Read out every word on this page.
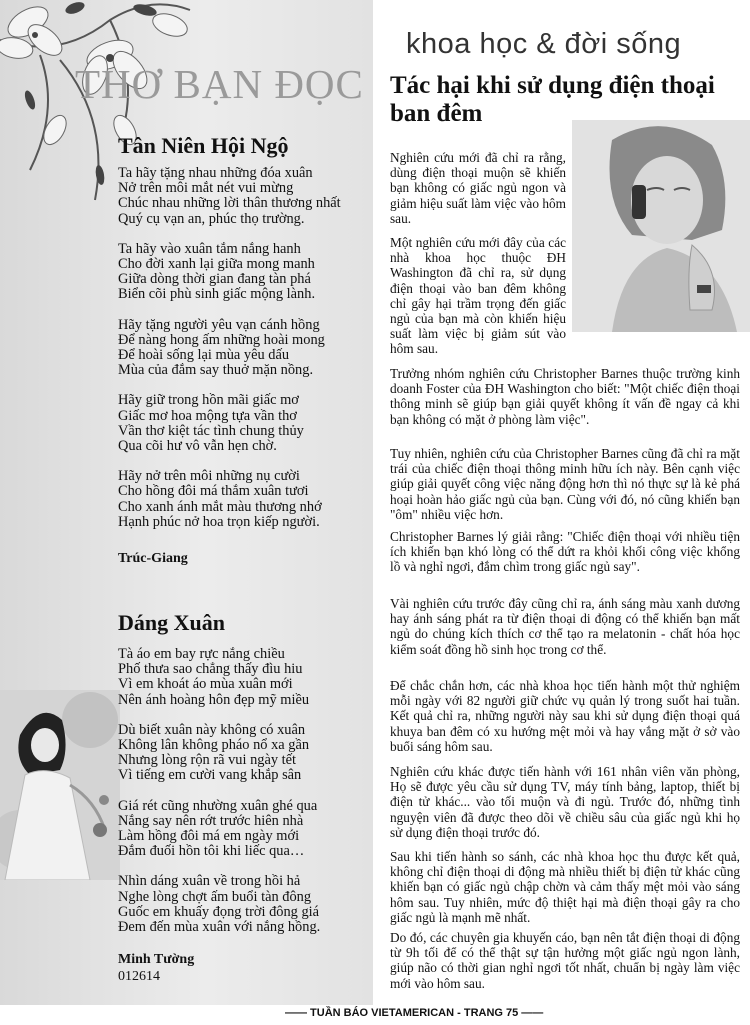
THƠ BẠN ĐỌC
Tân Niên Hội Ngộ
Ta hãy tặng nhau những đóa xuân
Nở trên môi mắt nét vui mừng
Chúc nhau những lời thân thương nhất
Quý cụ vạn an, phúc thọ trường.
Ta hãy vào xuân tắm nắng hanh
Cho đời xanh lại giữa mong manh
Giữa dòng thời gian đang tàn phá
Biển cõi phù sinh giấc mộng lành.
Hãy tặng người yêu vạn cánh hồng
Để nàng hong ấm những hoài mong
Để hoài sống lại mùa yêu dấu
Mùa của đắm say thuở mặn nồng.
Hãy giữ trong hồn mãi giấc mơ
Giấc mơ hoa mộng tựa vần thơ
Vần thơ kiệt tác tình chung thủy
Qua cõi hư vô vẫn hẹn chờ.
Hãy nở trên môi những nụ cười
Cho hồng đôi má thắm xuân tươi
Cho xanh ánh mắt màu thương nhớ
Hạnh phúc nở hoa trọn kiếp người.
Trúc-Giang
Dáng Xuân
Tà áo em bay rực nắng chiều
Phố thưa sao chẳng thấy đìu hiu
Vì em khoát áo mùa xuân mới
Nên ánh hoàng hôn đẹp mỹ miều
Dù biết xuân này không có xuân
Không lân không pháo nổ xa gần
Nhưng lòng rộn rã vui ngày tết
Vì tiếng em cười vang khắp sân
Giá rét cũng nhường xuân ghé qua
Nắng say nên rớt trước hiên nhà
Làm hồng đôi má em ngày mới
Đắm đuối hồn tôi khi liếc qua…
Nhìn dáng xuân về trong hồi hả
Nghe lòng chợt ấm buổi tàn đông
Guốc em khuấy đọng trời đông giá
Đem đến mùa xuân với nắng hồng.
Minh Tường
012614
khoa học & đời sống
Tác hại khi sử dụng điện thoại ban đêm
Nghiên cứu mới đã chỉ ra rằng, dùng điện thoại muộn sẽ khiến bạn không có giấc ngủ ngon và giảm hiệu suất làm việc vào hôm sau.
Một nghiên cứu mới đây của các nhà khoa học thuộc ĐH Washington đã chỉ ra, sử dụng điện thoại vào ban đêm không chỉ gây hại trầm trọng đến giấc ngủ của bạn mà còn khiến hiệu suất làm việc bị giảm sút vào hôm sau.
Trưởng nhóm nghiên cứu Christopher Barnes thuộc trường kinh doanh Foster của ĐH Washington cho biết: "Một chiếc điện thoại thông minh sẽ giúp bạn giải quyết không ít vấn đề ngay cả khi bạn không có mặt ở phòng làm việc".
Tuy nhiên, nghiên cứu của Christopher Barnes cũng đã chỉ ra mặt trái của chiếc điện thoại thông minh hữu ích này. Bên cạnh việc giúp giải quyết công việc năng động hơn thì nó thực sự là kẻ phá hoại hoàn hảo giấc ngủ của bạn. Cùng với đó, nó cũng khiến bạn "ôm" nhiều việc hơn.
Christopher Barnes lý giải rằng: "Chiếc điện thoại với nhiều tiện ích khiến bạn khó lòng có thể dứt ra khỏi khối công việc khổng lồ và nghỉ ngơi, đắm chìm trong giấc ngủ say".
Vài nghiên cứu trước đây cũng chỉ ra, ánh sáng màu xanh dương hay ánh sáng phát ra từ điện thoại di động có thể khiến bạn mất ngủ do chúng kích thích cơ thể tạo ra melatonin - chất hóa học kiểm soát đồng hồ sinh học trong cơ thể.
Để chắc chắn hơn, các nhà khoa học tiến hành một thử nghiệm mỗi ngày với 82 người giữ chức vụ quản lý trong suốt hai tuần. Kết quả chỉ ra, những người này sau khi sử dụng điện thoại quá khuya ban đêm có xu hướng mệt mỏi và hay vắng mặt ở sở vào buổi sáng hôm sau.
Nghiên cứu khác được tiến hành với 161 nhân viên văn phòng, Họ sẽ được yêu cầu sử dụng TV, máy tính bảng, laptop, thiết bị điện tử khác... vào tối muộn và đi ngủ. Trước đó, những tình nguyện viên đã được theo dõi về chiều sâu của giấc ngủ khi họ sử dụng điện thoại trước đó.
Sau khi tiến hành so sánh, các nhà khoa học thu được kết quả, không chỉ điện thoại di động mà nhiều thiết bị điện tử khác cũng khiến bạn có giấc ngủ chập chờn và cảm thấy mệt mỏi vào sáng hôm sau. Tuy nhiên, mức độ thiệt hại mà điện thoại gây ra cho giấc ngủ là mạnh mẽ nhất.
Do đó, các chuyên gia khuyến cáo, bạn nên tắt điện thoại di động từ 9h tối để có thể thật sự tận hưởng một giấc ngủ ngon lành, giúp não có thời gian nghỉ ngơi tốt nhất, chuẩn bị ngày làm việc mới vào hôm sau.
—— TUẦN BÁO VIETAMERICAN - TRANG 75 ——
